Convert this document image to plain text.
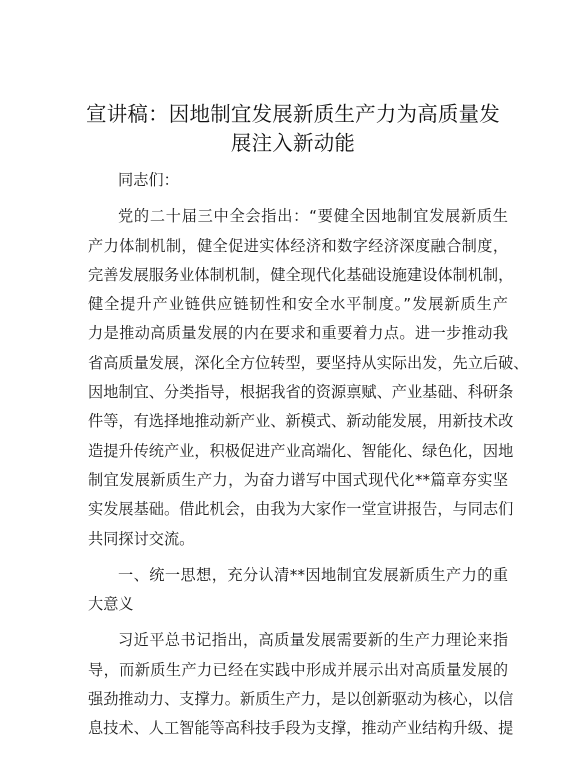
宣讲稿：因地制宜发展新质生产力为高质量发
展注入新动能
同志们：
党的二十届三中全会指出：“要健全因地制宜发展新质生
产力体制机制，健全促进实体经济和数字经济深度融合制度，
完善发展服务业体制机制，健全现代化基础设施建设体制机制，
健全提升产业链供应链韧性和安全水平制度。”发展新质生产
力是推动高质量发展的内在要求和重要着力点。进一步推动我
省高质量发展，深化全方位转型，要坚持从实际出发，先立后破、
因地制宜、分类指导，根据我省的资源禀赋、产业基础、科研条
件等，有选择地推动新产业、新模式、新动能发展，用新技术改
造提升传统产业，积极促进产业高端化、智能化、绿色化，因地
制宜发展新质生产力，为奋力谱写中国式现代化**篇章夯实坚
实发展基础。借此机会，由我为大家作一堂宣讲报告，与同志们
共同探讨交流。
一、统一思想，充分认清**因地制宜发展新质生产力的重
大意义
习近平总书记指出，高质量发展需要新的生产力理论来指
导，而新质生产力已经在实践中形成并展示出对高质量发展的
强劲推动力、支撑力。新质生产力，是以创新驱动为核心，以信
息技术、人工智能等高科技手段为支撑，推动产业结构升级、提
